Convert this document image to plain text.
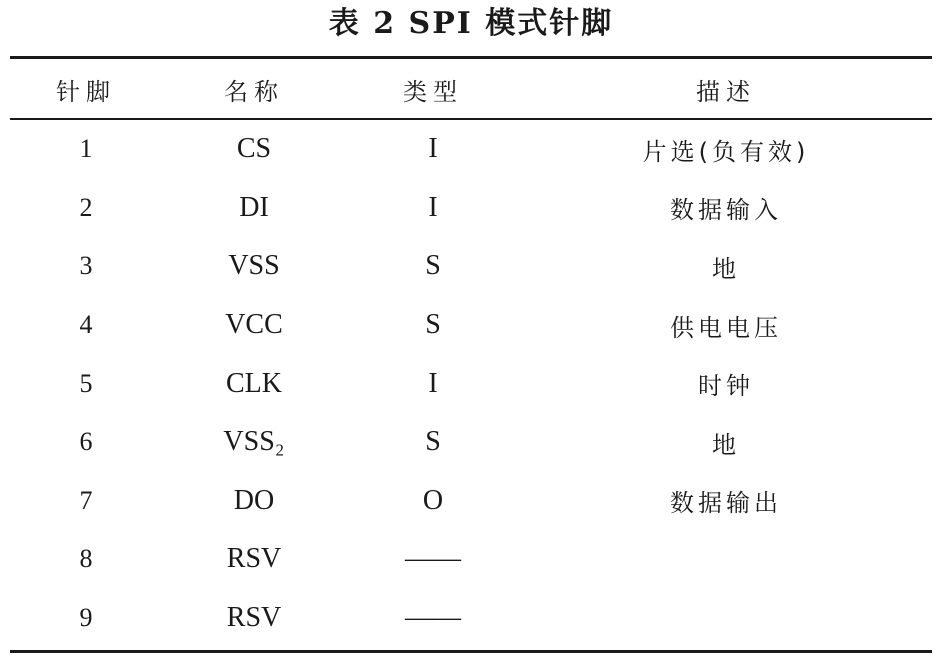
表 2 SPI 模式针脚
针脚	名称	类型	描述
1	CS	I	片选(负有效)
2	DI	I	数据输入
3	VSS	S	地
4	VCC	S	供电电压
5	CLK	I	时钟
6	VSS₂	S	地
7	DO	O	数据输出
8	RSV	——
9	RSV	——
